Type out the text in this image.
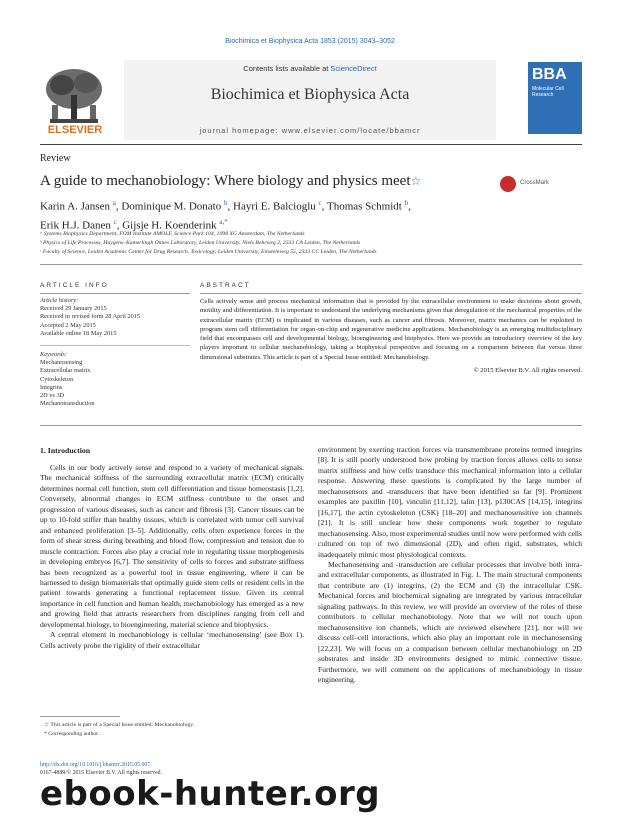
Biochimica et Biophysica Acta 1853 (2015) 3043–3052
Contents lists available at ScienceDirect
Biochimica et Biophysica Acta
journal homepage: www.elsevier.com/locate/bbamcr
ELSEVIER
BBA
Molecular Cell Research
Review
A guide to mechanobiology: Where biology and physics meet☆	CrossMark
Karin A. Jansen $^a$, Dominique M. Donato $^b$, Hayri E. Balcioglu $^c$, Thomas Schmidt $^b$,
Erik H.J. Danen $^c$, Gijsje H. Koenderink $^{a,*}$
ᵃ Systems Biophysics Department, FOM Institute AMOLF, Science Park 104, 1098 XG Amsterdam, The Netherlands
ᵇ Physics of Life Processes, Huygens–Kamerlingh Onnes Laboratory, Leiden University, Niels Bohrweg 2, 2333 CA Leiden, The Netherlands
ᶜ Faculty of Science, Leiden Academic Center for Drug Research, Toxicology, Leiden University, Einsteinweg 55, 2333 CC Leiden, The Netherlands
ARTICLE INFO	ABSTRACT
Article history:
Received 29 January 2015
Received in revised form 28 April 2015
Accepted 2 May 2015
Available online 18 May 2015
Keywords:
Mechanosensing
Extracellular matrix
Cytoskeleton
Integrins
2D vs 3D
Mechanotransduction
Cells actively sense and process mechanical information that is provided by the extracellular environment to make decisions about growth, motility and differentiation. It is important to understand the underlying mechanisms given that deregulation of the mechanical properties of the extracellular matrix (ECM) is implicated in various diseases, such as cancer and fibrosis. Moreover, matrix mechanics can be exploited to program stem cell differentiation for organ-on-chip and regenerative medicine applications. Mechanobiology is an emerging multidisciplinary field that encompasses cell and developmental biology, bioengineering and biophysics. Here we provide an introductory overview of the key players important to cellular mechanobiology, taking a biophysical perspective and focusing on a comparison between flat versus three dimensional substrates. This article is part of a Special Issue entitled: Mechanobiology.
© 2015 Elsevier B.V. All rights reserved.
1. Introduction

Cells in our body actively sense and respond to a variety of mechanical signals. The mechanical stiffness of the surrounding extracellular matrix (ECM) critically determines normal cell function, stem cell differentiation and tissue homeostasis [1,2]. Conversely, abnormal changes in ECM stiffness contribute to the onset and progression of various diseases, such as cancer and fibrosis [3]. Cancer tissues can be up to 10-fold stiffer than healthy tissues, which is correlated with tumor cell survival and enhanced proliferation [3–5]. Additionally, cells often experience forces in the form of shear stress during breathing and blood flow, compression and tension due to muscle contraction. Forces also play a crucial role in regulating tissue morphogenesis in developing embryos [6,7]. The sensitivity of cells to forces and substrate stiffness has been recognized as a powerful tool in tissue engineering, where it can be harnessed to design biomaterials that optimally guide stem cells or resident cells in the patient towards generating a functional replacement tissue. Given its central importance in cell function and human health, mechanobiology has emerged as a new and growing field that attracts researchers from disciplines ranging from cell and developmental biology, to bioengineering, material science and biophysics.

A central element in mechanobiology is cellular ‘mechanosensing’ (see Box 1). Cells actively probe the rigidity of their extracellular

environment by exerting traction forces via transmembrane proteins termed integrins [8]. It is still poorly understood how probing by traction forces allows cells to sense matrix stiffness and how cells transduce this mechanical information into a cellular response. Answering these questions is complicated by the large number of mechanosensors and -transducers that have been identified so far [9]. Prominent examples are paxillin [10], vinculin [11,12], talin [13], p130CAS [14,15], integrins [16,17], the actin cytoskeleton (CSK) [18–20] and mechanosensitive ion channels [21]. It is still unclear how these components work together to regulate mechanosensing. Also, most experimental studies until now were performed with cells cultured on top of two dimensional (2D), and often rigid, substrates, which inadequately mimic most physiological contexts.

Mechanosensing and -transduction are cellular processes that involve both intra- and extracellular components, as illustrated in Fig. 1. The main structural components that contribute are (1) integrins, (2) the ECM and (3) the intracellular CSK. Mechanical forces and biochemical signaling are integrated by various intracellular signaling pathways. In this review, we will provide an overview of the roles of these contributors to cellular mechanobiology. Note that we will not touch upon mechanosensitive ion channels, which are reviewed elsewhere [21], nor will we discuss cell–cell interactions, which also play an important role in mechanosensing [22,23]. We will focus on a comparison between cellular mechanobiology on 2D substrates and inside 3D environments designed to mimic connective tissue. Furthermore, we will comment on the applications of mechanobiology in tissue engineering.

☆ This article is part of a Special Issue entitled: Mechanobiology.
* Corresponding author.
http://dx.doi.org/10.1016/j.bbamcr.2015.05.007
0167-4889/© 2015 Elsevier B.V. All rights reserved.
ebook-hunter.org
